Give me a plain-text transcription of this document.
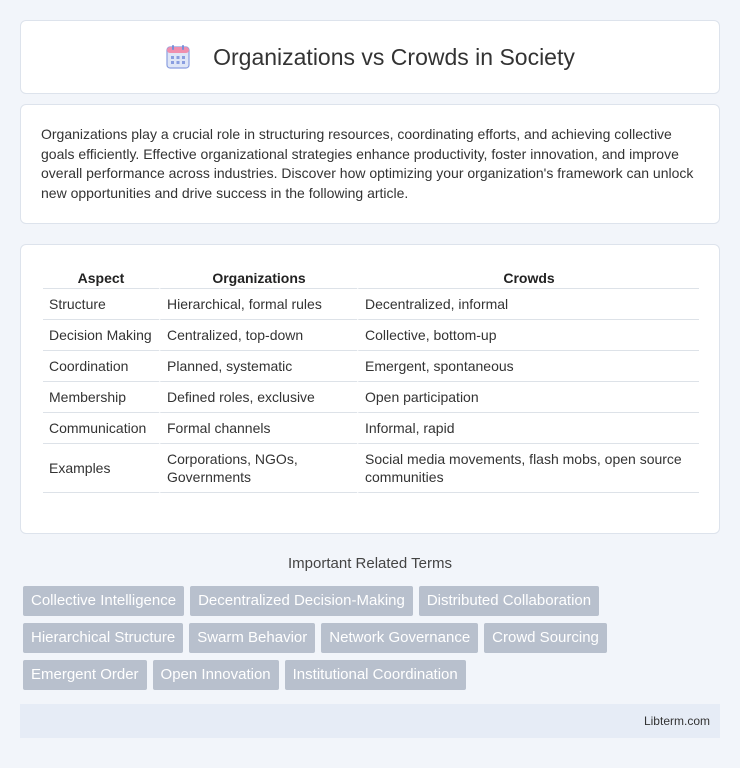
Organizations vs Crowds in Society

Organizations play a crucial role in structuring resources, coordinating efforts, and achieving collective goals efficiently. Effective organizational strategies enhance productivity, foster innovation, and improve overall performance across industries. Discover how optimizing your organization's framework can unlock new opportunities and drive success in the following article.

Aspect	Organizations	Crowds
Structure	Hierarchical, formal rules	Decentralized, informal
Decision Making	Centralized, top-down	Collective, bottom-up
Coordination	Planned, systematic	Emergent, spontaneous
Membership	Defined roles, exclusive	Open participation
Communication	Formal channels	Informal, rapid
Examples	Corporations, NGOs, Governments	Social media movements, flash mobs, open source communities
Important Related Terms
Collective Intelligence	Decentralized Decision-Making	Distributed Collaboration
Hierarchical Structure	Swarm Behavior	Network Governance	Crowd Sourcing
Emergent Order	Open Innovation	Institutional Coordination
Libterm.com
